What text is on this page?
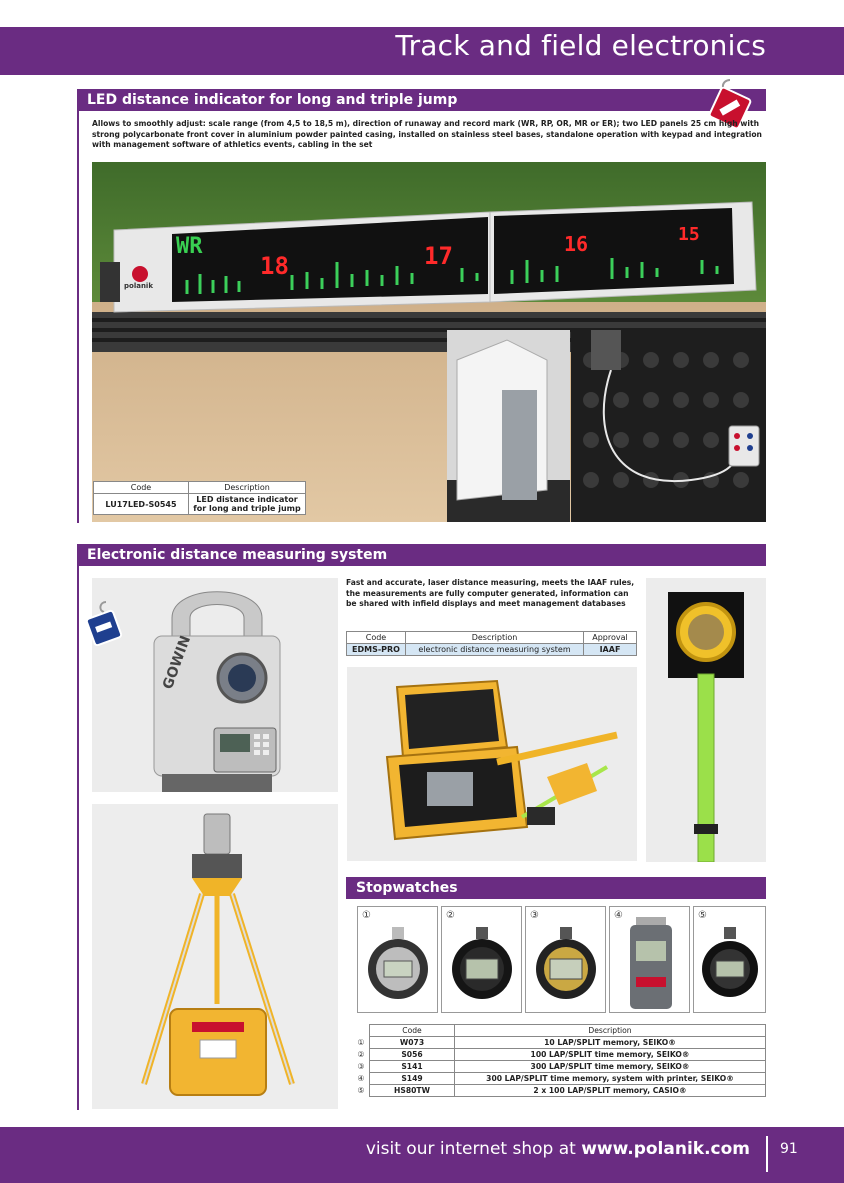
Track and field electronics
LED distance indicator for long and triple jump
Allows to smoothly adjust: scale range (from 4,5 to 18,5 m), direction of runaway and record mark (WR, RP, OR, MR or ER); two LED panels 25 cm high with strong polycarbonate front cover in aluminium powder painted casing, installed on stainless steel bases, standalone operation with keypad and integration with management software of athletics events, cabling in the set
WR
18	17	16	15
polanik
Code	Description
LU17LED-S0545	LED distance indicator for long and triple jump
Electronic distance measuring system
GOWIN
Fast and accurate, laser distance measuring, meets the IAAF rules, the measurements are fully computer generated, information can be shared with infield displays and meet management databases
Code	Description	Approval
EDMS-PRO	electronic distance measuring system	IAAF
Stopwatches
①	②	③	④	⑤
	Code	Description
①	W073	10 LAP/SPLIT memory, SEIKO®
②	S056	100 LAP/SPLIT time memory, SEIKO®
③	S141	300 LAP/SPLIT time memory, SEIKO®
④	S149	300 LAP/SPLIT time memory, system with printer, SEIKO®
⑤	HS80TW	2 x 100 LAP/SPLIT memory, CASIO®
visit our internet shop at www.polanik.com 91
